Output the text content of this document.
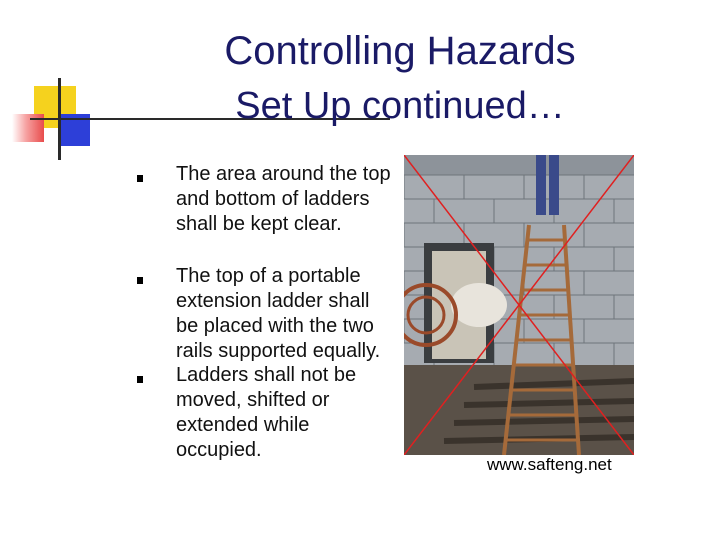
Controlling Hazards
Set Up continued…
The area around the top and bottom of ladders shall be kept clear.
The top of a portable extension ladder shall be placed with the two rails supported equally.
Ladders shall not be moved, shifted or extended while occupied.
www.safteng.net
